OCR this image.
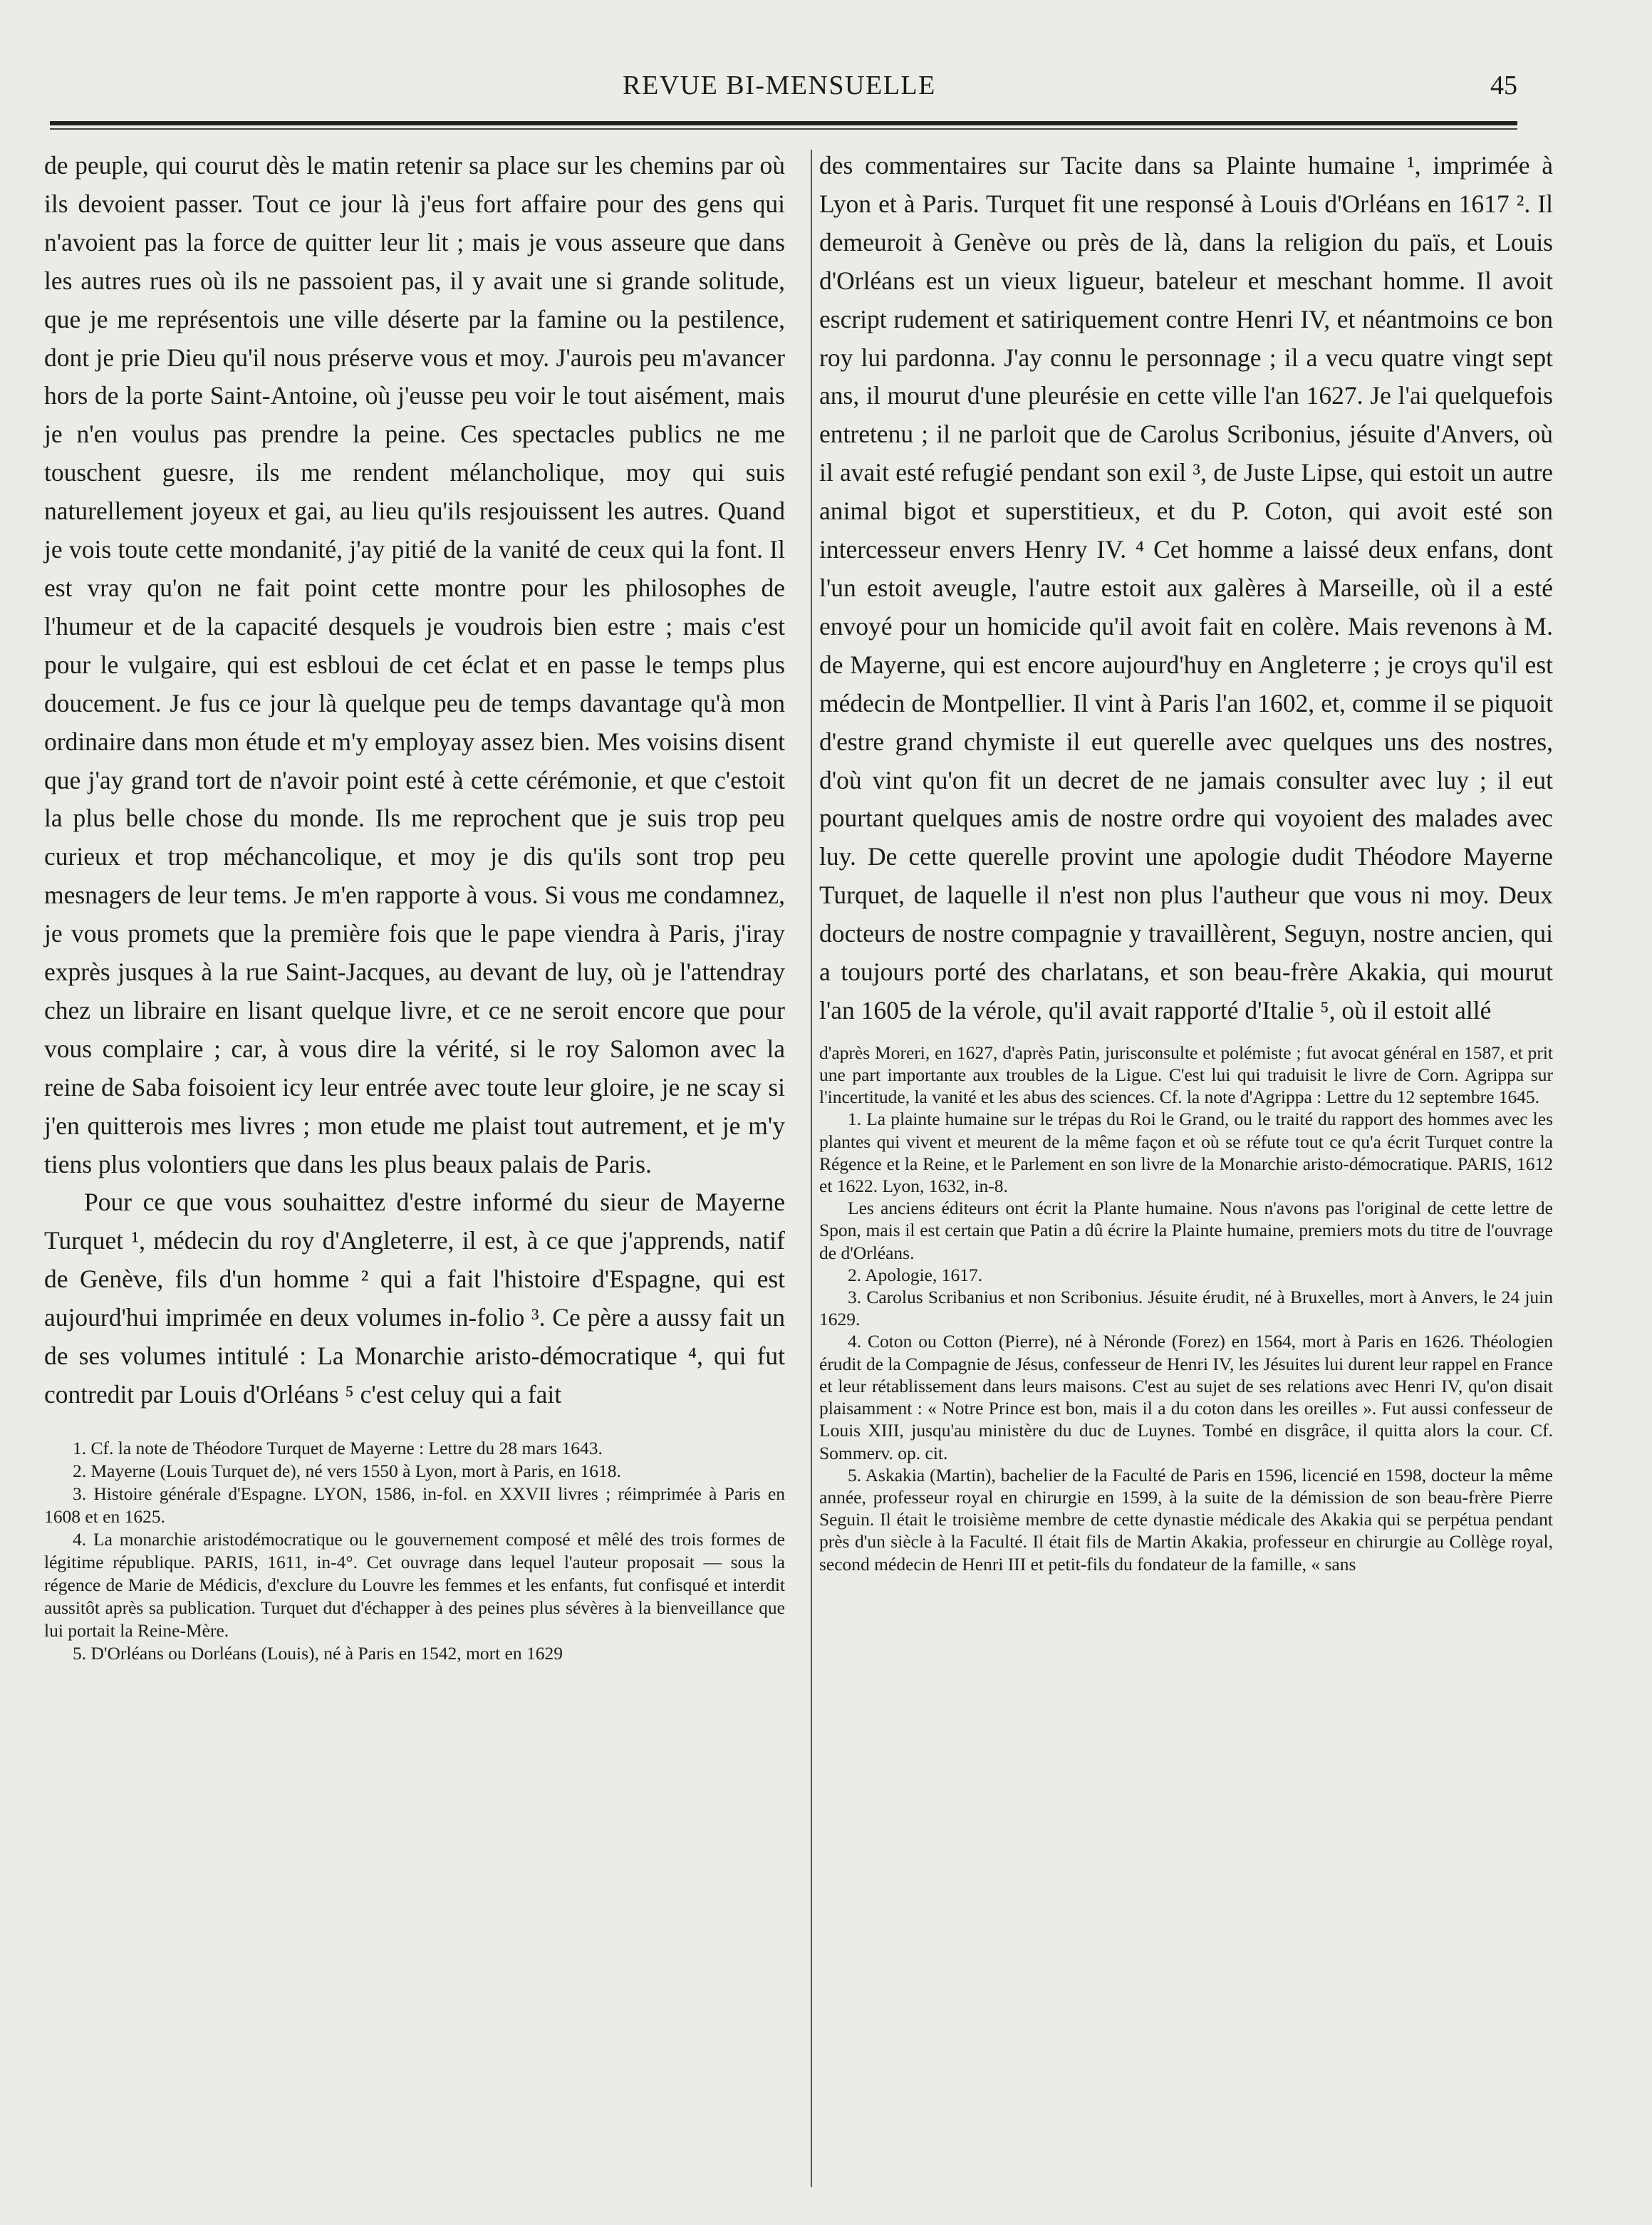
REVUE BI-MENSUELLE	45

de peuple, qui courut dès le matin retenir sa place sur les chemins par où ils devoient passer. Tout ce jour là j'eus fort affaire pour des gens qui n'avoient pas la force de quitter leur lit ; mais je vous asseure que dans les autres rues où ils ne passoient pas, il y avait une si grande solitude, que je me représentois une ville déserte par la famine ou la pestilence, dont je prie Dieu qu'il nous préserve vous et moy. J'aurois peu m'avancer hors de la porte Saint-Antoine, où j'eusse peu voir le tout aisément, mais je n'en voulus pas prendre la peine. Ces spectacles publics ne me touschent guesre, ils me rendent mélancholique, moy qui suis naturellement joyeux et gai, au lieu qu'ils resjouissent les autres. Quand je vois toute cette mondanité, j'ay pitié de la vanité de ceux qui la font. Il est vray qu'on ne fait point cette montre pour les philosophes de l'humeur et de la capacité desquels je voudrois bien estre ; mais c'est pour le vulgaire, qui est esbloui de cet éclat et en passe le temps plus doucement. Je fus ce jour là quelque peu de temps davantage qu'à mon ordinaire dans mon étude et m'y employay assez bien. Mes voisins disent que j'ay grand tort de n'avoir point esté à cette cérémonie, et que c'estoit la plus belle chose du monde. Ils me reprochent que je suis trop peu curieux et trop méchancolique, et moy je dis qu'ils sont trop peu mesnagers de leur tems. Je m'en rapporte à vous. Si vous me condamnez, je vous promets que la première fois que le pape viendra à Paris, j'iray exprès jusques à la rue Saint-Jacques, au devant de luy, où je l'attendray chez un libraire en lisant quelque livre, et ce ne seroit encore que pour vous complaire ; car, à vous dire la vérité, si le roy Salomon avec la reine de Saba foisoient icy leur entrée avec toute leur gloire, je ne scay si j'en quitterois mes livres ; mon etude me plaist tout autrement, et je m'y tiens plus volontiers que dans les plus beaux palais de Paris.

Pour ce que vous souhaittez d'estre informé du sieur de Mayerne Turquet ¹, médecin du roy d'Angleterre, il est, à ce que j'apprends, natif de Genève, fils d'un homme ² qui a fait l'histoire d'Espagne, qui est aujourd'hui imprimée en deux volumes in-folio ³. Ce père a aussy fait un de ses volumes intitulé : La Monarchie aristo-démocratique ⁴, qui fut contredit par Louis d'Orléans ⁵ c'est celuy qui a fait

1. Cf. la note de Théodore Turquet de Mayerne : Lettre du 28 mars 1643.

2. Mayerne (Louis Turquet de), né vers 1550 à Lyon, mort à Paris, en 1618.

3. Histoire générale d'Espagne. LYON, 1586, in-fol. en XXVII livres ; réimprimée à Paris en 1608 et en 1625.

4. La monarchie aristodémocratique ou le gouvernement composé et mêlé des trois formes de légitime république. PARIS, 1611, in-4°. Cet ouvrage dans lequel l'auteur proposait — sous la régence de Marie de Médicis, d'exclure du Louvre les femmes et les enfants, fut confisqué et interdit aussitôt après sa publication. Turquet dut d'échapper à des peines plus sévères à la bienveillance que lui portait la Reine-Mère.

5. D'Orléans ou Dorléans (Louis), né à Paris en 1542, mort en 1629

des commentaires sur Tacite dans sa Plainte humaine ¹, imprimée à Lyon et à Paris. Turquet fit une responsé à Louis d'Orléans en 1617 ². Il demeuroit à Genève ou près de là, dans la religion du païs, et Louis d'Orléans est un vieux ligueur, bateleur et meschant homme. Il avoit escript rudement et satiriquement contre Henri IV, et néantmoins ce bon roy lui pardonna. J'ay connu le personnage ; il a vecu quatre vingt sept ans, il mourut d'une pleurésie en cette ville l'an 1627. Je l'ai quelquefois entretenu ; il ne parloit que de Carolus Scribonius, jésuite d'Anvers, où il avait esté refugié pendant son exil ³, de Juste Lipse, qui estoit un autre animal bigot et superstitieux, et du P. Coton, qui avoit esté son intercesseur envers Henry IV. ⁴ Cet homme a laissé deux enfans, dont l'un estoit aveugle, l'autre estoit aux galères à Marseille, où il a esté envoyé pour un homicide qu'il avoit fait en colère. Mais revenons à M. de Mayerne, qui est encore aujourd'huy en Angleterre ; je croys qu'il est médecin de Montpellier. Il vint à Paris l'an 1602, et, comme il se piquoit d'estre grand chymiste il eut querelle avec quelques uns des nostres, d'où vint qu'on fit un decret de ne jamais consulter avec luy ; il eut pourtant quelques amis de nostre ordre qui voyoient des malades avec luy. De cette querelle provint une apologie dudit Théodore Mayerne Turquet, de laquelle il n'est non plus l'autheur que vous ni moy. Deux docteurs de nostre compagnie y travaillèrent, Seguyn, nostre ancien, qui a toujours porté des charlatans, et son beau-frère Akakia, qui mourut l'an 1605 de la vérole, qu'il avait rapporté d'Italie ⁵, où il estoit allé

d'après Moreri, en 1627, d'après Patin, jurisconsulte et polémiste ; fut avocat général en 1587, et prit une part importante aux troubles de la Ligue. C'est lui qui traduisit le livre de Corn. Agrippa sur l'incertitude, la vanité et les abus des sciences. Cf. la note d'Agrippa : Lettre du 12 septembre 1645.

1. La plainte humaine sur le trépas du Roi le Grand, ou le traité du rapport des hommes avec les plantes qui vivent et meurent de la même façon et où se réfute tout ce qu'a écrit Turquet contre la Régence et la Reine, et le Parlement en son livre de la Monarchie aristo-démocratique. PARIS, 1612 et 1622. Lyon, 1632, in-8.

Les anciens éditeurs ont écrit la Plante humaine. Nous n'avons pas l'original de cette lettre de Spon, mais il est certain que Patin a dû écrire la Plainte humaine, premiers mots du titre de l'ouvrage de d'Orléans.

2. Apologie, 1617.

3. Carolus Scribanius et non Scribonius. Jésuite érudit, né à Bruxelles, mort à Anvers, le 24 juin 1629.

4. Coton ou Cotton (Pierre), né à Néronde (Forez) en 1564, mort à Paris en 1626. Théologien érudit de la Compagnie de Jésus, confesseur de Henri IV, les Jésuites lui durent leur rappel en France et leur rétablissement dans leurs maisons. C'est au sujet de ses relations avec Henri IV, qu'on disait plaisamment : « Notre Prince est bon, mais il a du coton dans les oreilles ». Fut aussi confesseur de Louis XIII, jusqu'au ministère du duc de Luynes. Tombé en disgrâce, il quitta alors la cour. Cf. Sommerv. op. cit.

5. Askakia (Martin), bachelier de la Faculté de Paris en 1596, licencié en 1598, docteur la même année, professeur royal en chirurgie en 1599, à la suite de la démission de son beau-frère Pierre Seguin. Il était le troisième membre de cette dynastie médicale des Akakia qui se perpétua pendant près d'un siècle à la Faculté. Il était fils de Martin Akakia, professeur en chirurgie au Collège royal, second médecin de Henri III et petit-fils du fondateur de la famille, « sans
